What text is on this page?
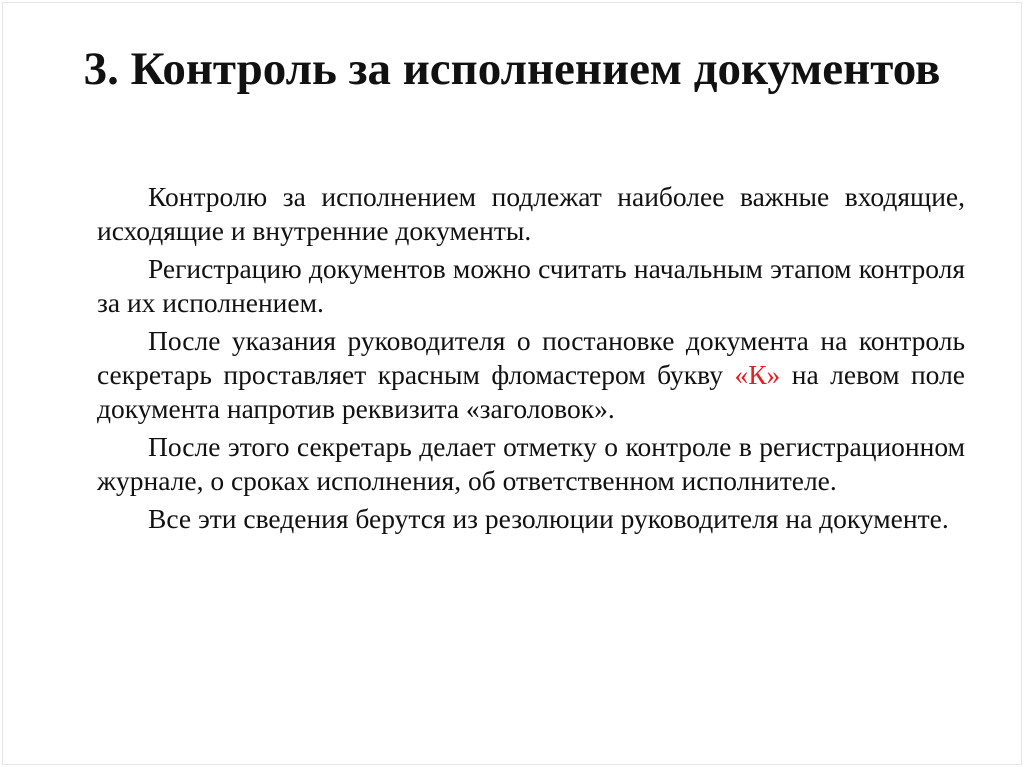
3. Контроль за исполнением документов

Контролю за исполнением подлежат наиболее важные входящие, исходящие и внутренние документы.

Регистрацию документов можно считать начальным этапом контроля за их исполнением.

После указания руководителя о постановке документа на контроль секретарь проставляет красным фломастером букву «К» на левом поле документа напротив реквизита «заголовок».

После этого секретарь делает отметку о контроле в регистрационном журнале, о сроках исполнения, об ответственном исполнителе.

Все эти сведения берутся из резолюции руководителя на документе.
